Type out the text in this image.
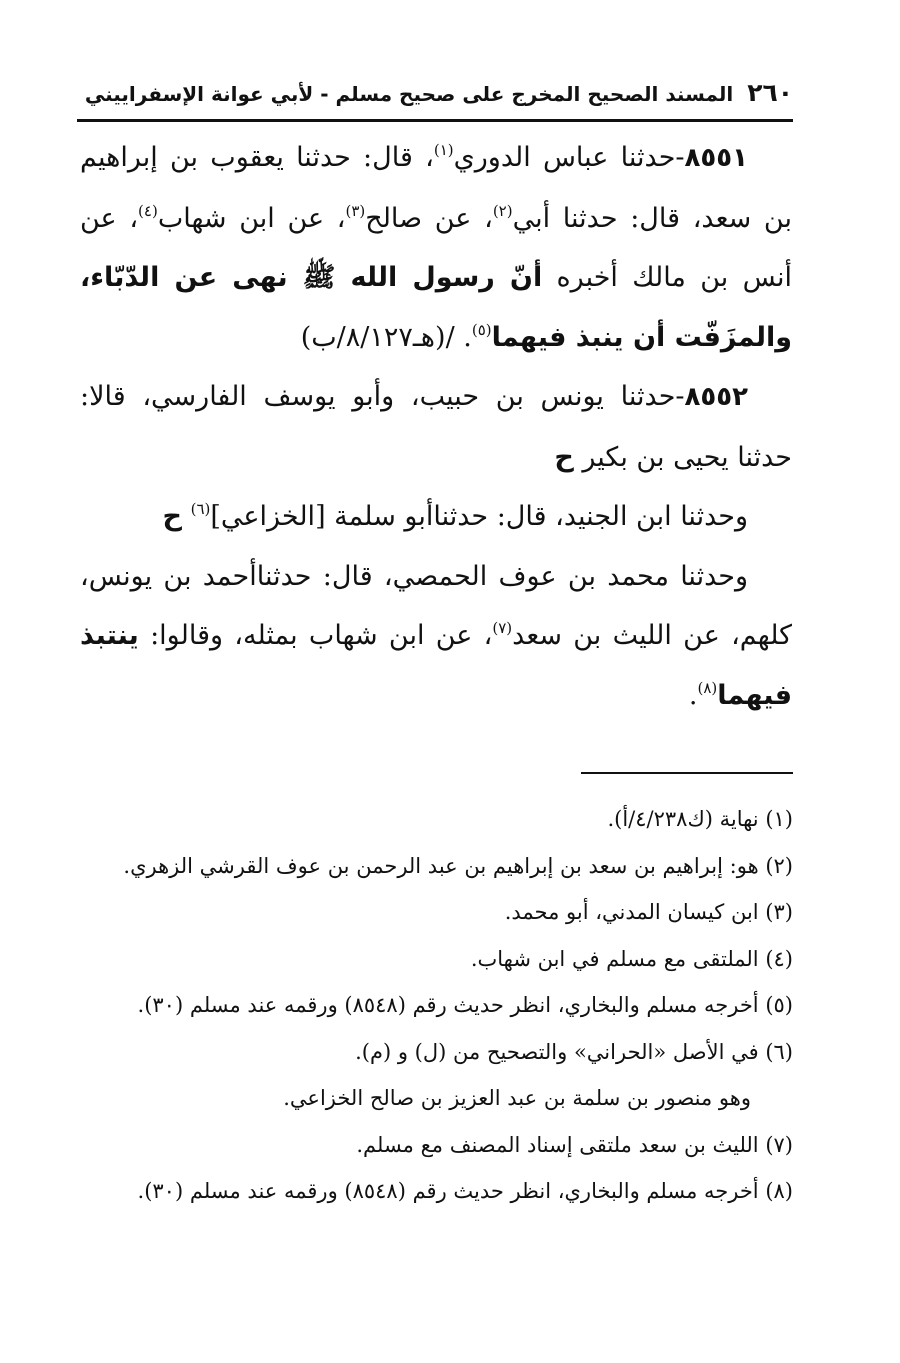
٢٦٠
المسند الصحيح المخرج على صحيح مسلم - لأبي عوانة الإسفراييني

٨٥٥١-حدثنا عباس الدوري$^{(١)}$، قال: حدثنا يعقوب بن إبراهيم بن سعد، قال: حدثنا أبي$^{(٢)}$، عن صالح$^{(٣)}$، عن ابن شهاب$^{(٤)}$، عن أنس بن مالك أخبره أنّ رسول الله ﷺ نهى عن الدّبّاء، والمزَفّت أن ينبذ فيهما$^{(٥)}$. /(هـ٨/١٢٧/ب)

٨٥٥٢-حدثنا يونس بن حبيب، وأبو يوسف الفارسي، قالا: حدثنا يحيى بن بكير ح

وحدثنا ابن الجنيد، قال: حدثناأبو سلمة [الخزاعي]$^{(٦)}$ ح

وحدثنا محمد بن عوف الحمصي، قال: حدثناأحمد بن يونس، كلهم، عن الليث بن سعد$^{(٧)}$، عن ابن شهاب بمثله، وقالوا: ينتبذ فيهما$^{(٨)}$.

(١) نهاية (ك٤/٢٣٨/أ).

(٢) هو: إبراهيم بن سعد بن إبراهيم بن عبد الرحمن بن عوف القرشي الزهري.

(٣) ابن كيسان المدني، أبو محمد.

(٤) الملتقى مع مسلم في ابن شهاب.

(٥) أخرجه مسلم والبخاري، انظر حديث رقم (٨٥٤٨) ورقمه عند مسلم (٣٠).

(٦) في الأصل «الحراني» والتصحيح من (ل) و (م).

وهو منصور بن سلمة بن عبد العزيز بن صالح الخزاعي.

(٧) الليث بن سعد ملتقى إسناد المصنف مع مسلم.

(٨) أخرجه مسلم والبخاري، انظر حديث رقم (٨٥٤٨) ورقمه عند مسلم (٣٠).
